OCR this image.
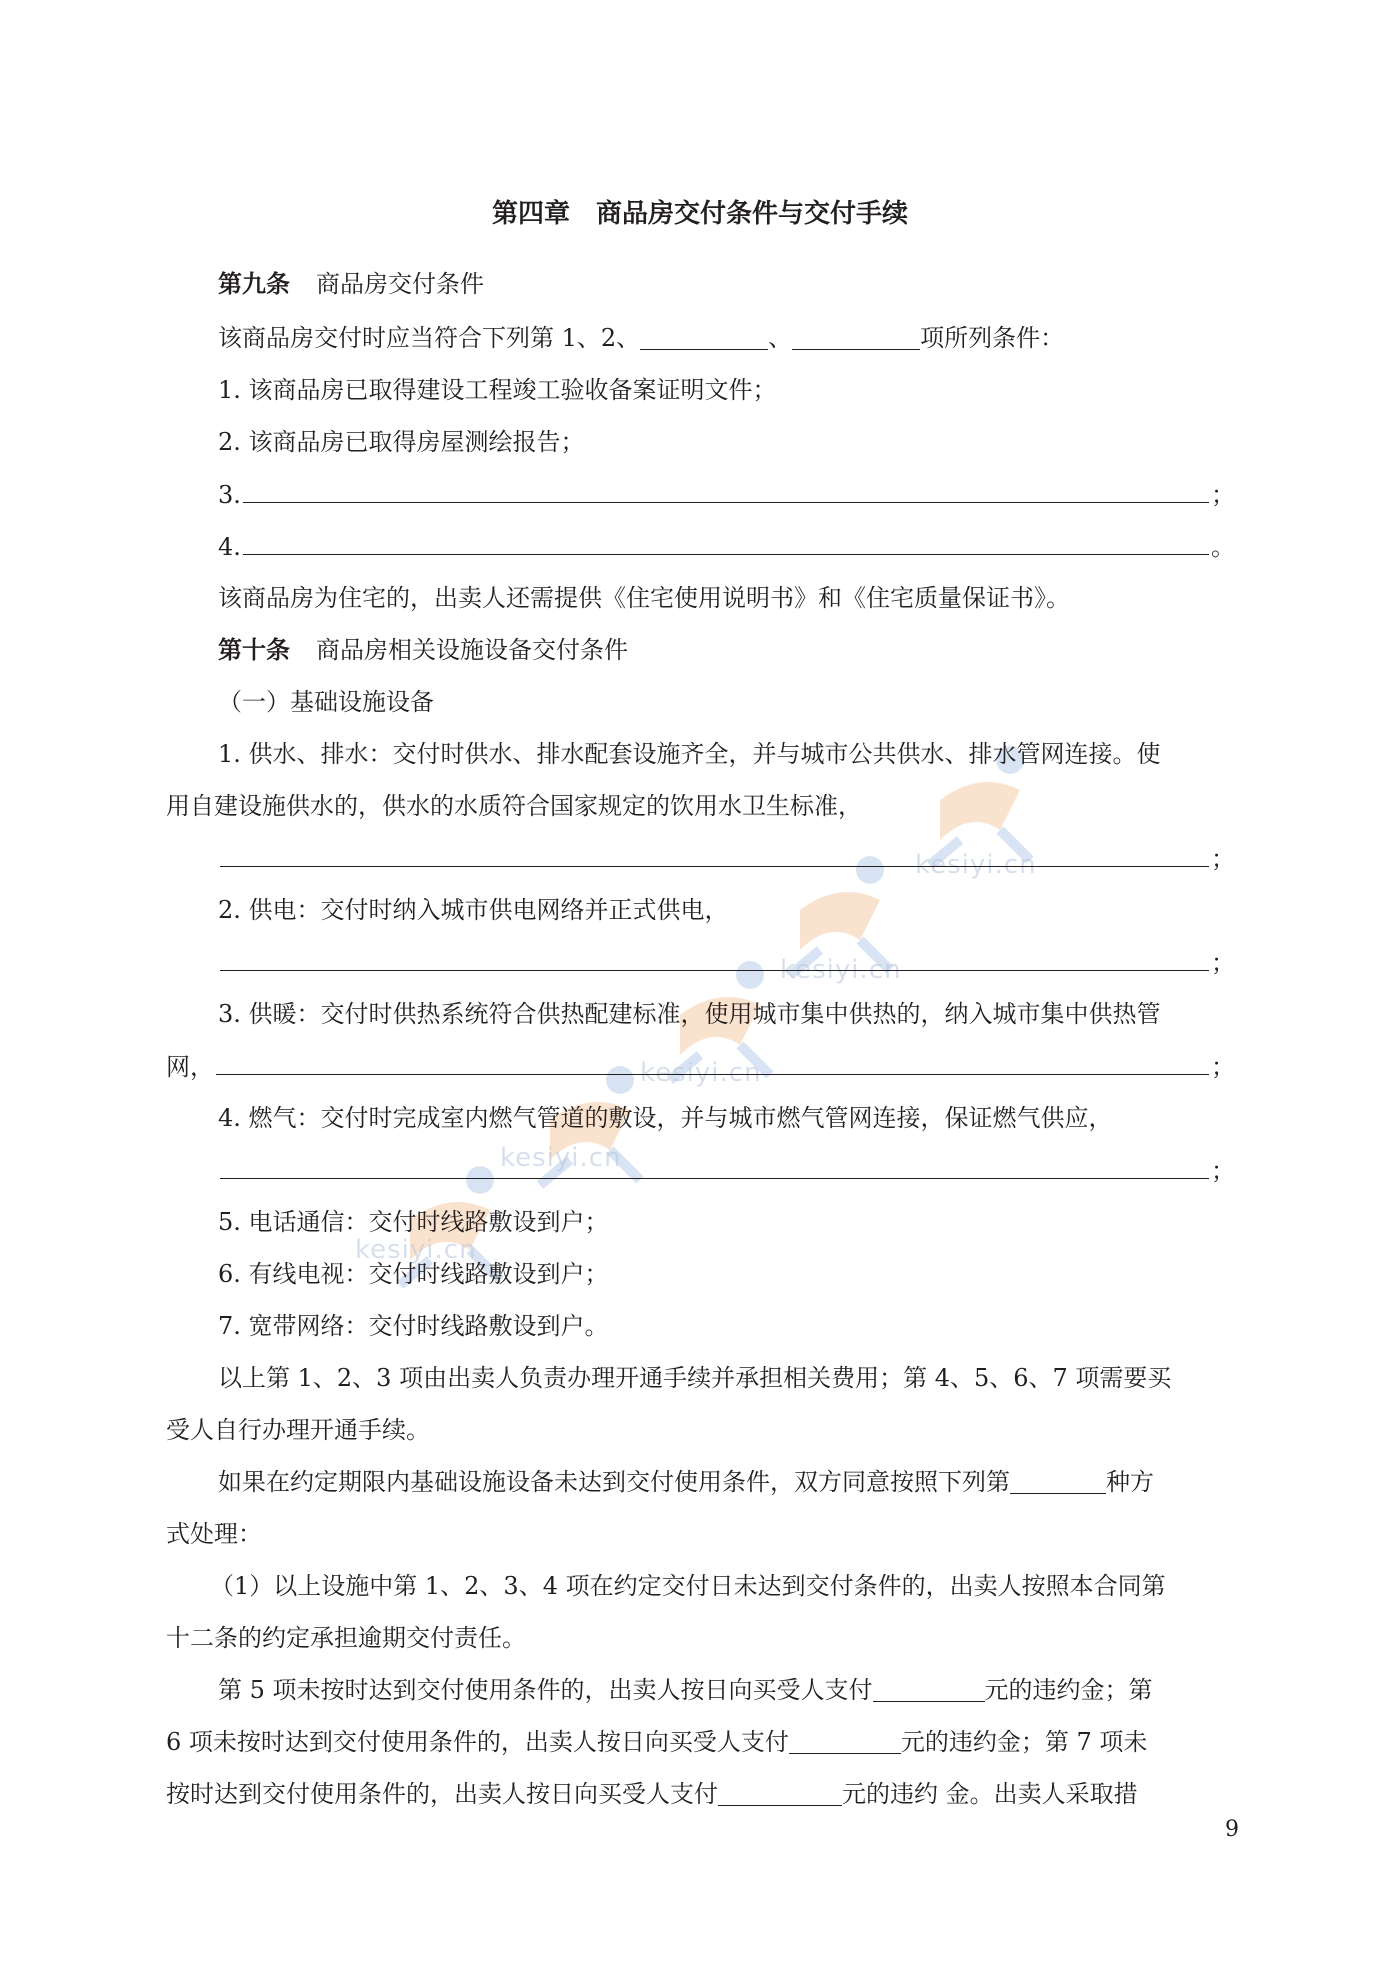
kesiyi.cn
kesiyi.cn
kesiyi.cn
kesiyi.cn
kesiyi.cn
第四章　商品房交付条件与交付手续
第九条 商品房交付条件
该商品房交付时应当符合下列第 1、2、	、	项所列条件：
1. 该商品房已取得建设工程竣工验收备案证明文件；
2. 该商品房已取得房屋测绘报告；
3.	；
4.	。
该商品房为住宅的，出卖人还需提供《住宅使用说明书》和《住宅质量保证书》。
第十条 商品房相关设施设备交付条件
（一）基础设施设备
1. 供水、排水：交付时供水、排水配套设施齐全，并与城市公共供水、排水管网连接。使
用自建设施供水的，供水的水质符合国家规定的饮用水卫生标准，
；
2. 供电：交付时纳入城市供电网络并正式供电，
；
3. 供暖：交付时供热系统符合供热配建标准，使用城市集中供热的，纳入城市集中供热管
网，	；
4. 燃气：交付时完成室内燃气管道的敷设，并与城市燃气管网连接，保证燃气供应，
；
5. 电话通信：交付时线路敷设到户；
6. 有线电视：交付时线路敷设到户；
7. 宽带网络：交付时线路敷设到户。
以上第 1、2、3 项由出卖人负责办理开通手续并承担相关费用；第 4、5、6、7 项需要买
受人自行办理开通手续。
如果在约定期限内基础设施设备未达到交付使用条件，双方同意按照下列第	种方
式处理：
（1）以上设施中第 1、2、3、4 项在约定交付日未达到交付条件的，出卖人按照本合同第
十二条的约定承担逾期交付责任。
第 5 项未按时达到交付使用条件的，出卖人按日向买受人支付	元的违约金；第
6 项未按时达到交付使用条件的，出卖人按日向买受人支付	元的违约金；第 7 项未
按时达到交付使用条件的，出卖人按日向买受人支付	元的违约 金。出卖人采取措
9
